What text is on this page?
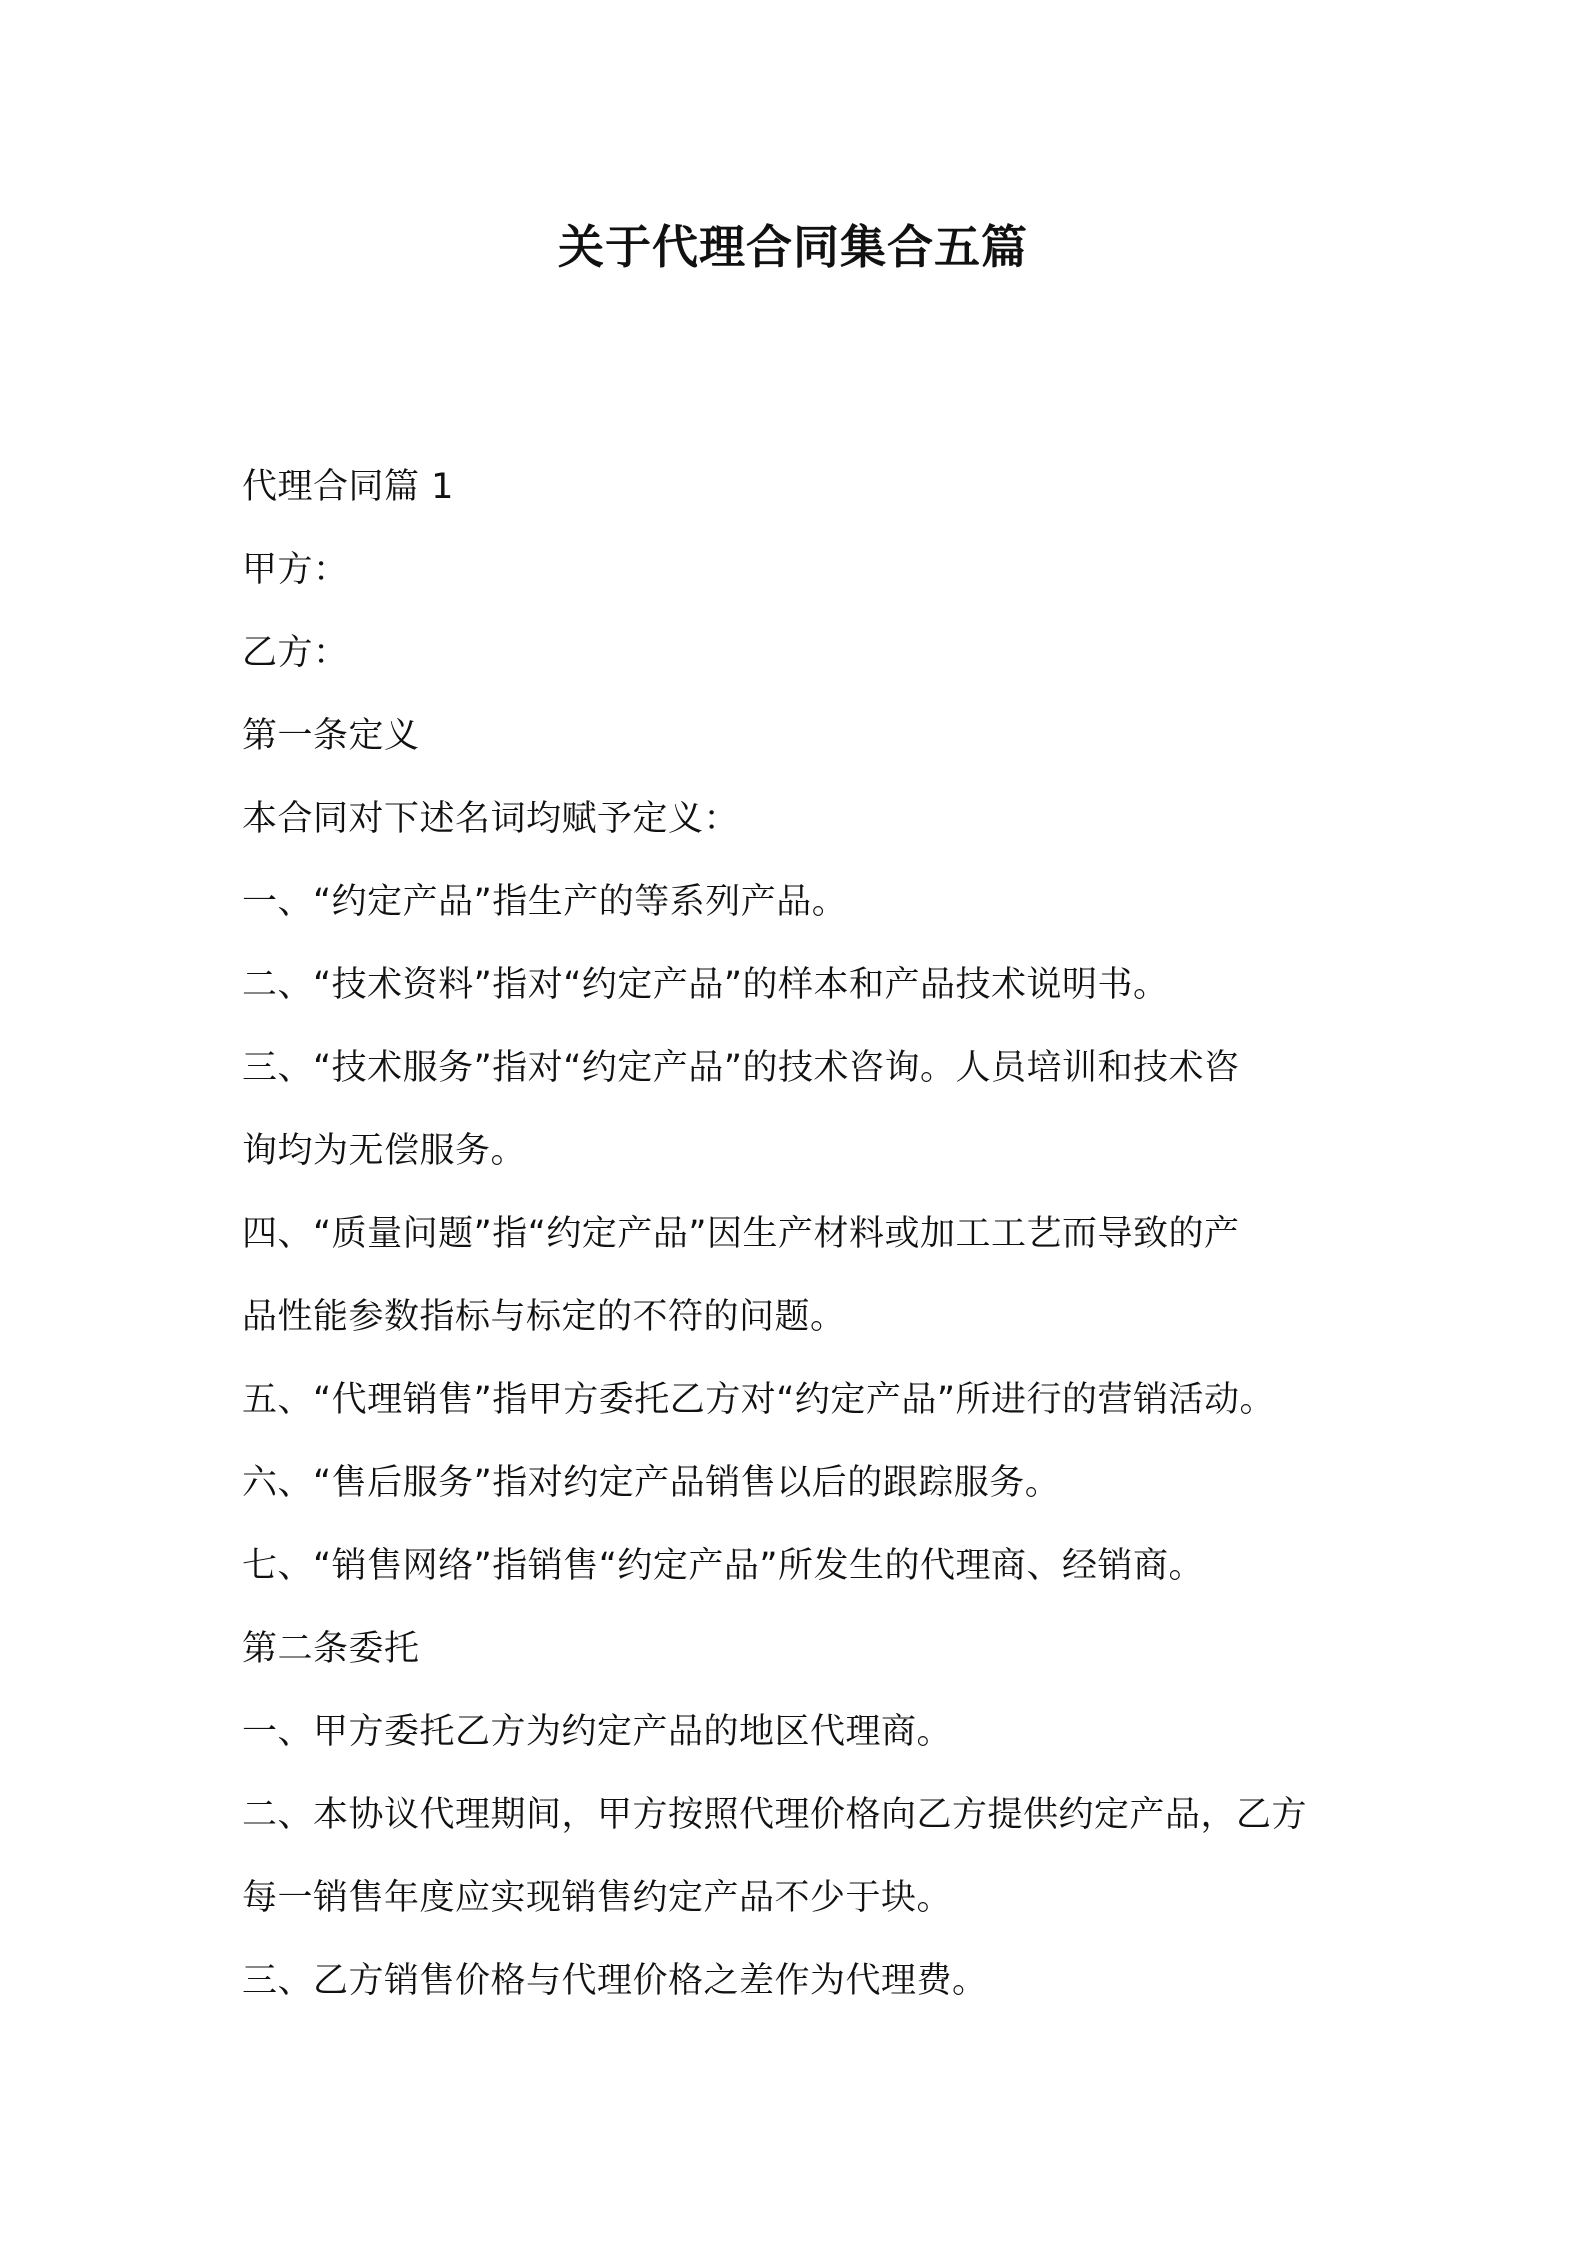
关于代理合同集合五篇
代理合同篇 1
甲方：
乙方：
第一条定义
本合同对下述名词均赋予定义：
一、“约定产品”指生产的等系列产品。
二、“技术资料”指对“约定产品”的样本和产品技术说明书。
三、“技术服务”指对“约定产品”的技术咨询。人员培训和技术咨
询均为无偿服务。
四、“质量问题”指“约定产品”因生产材料或加工工艺而导致的产
品性能参数指标与标定的不符的问题。
五、“代理销售”指甲方委托乙方对“约定产品”所进行的营销活动。
六、“售后服务”指对约定产品销售以后的跟踪服务。
七、“销售网络”指销售“约定产品”所发生的代理商、经销商。
第二条委托
一、甲方委托乙方为约定产品的地区代理商。
二、本协议代理期间，甲方按照代理价格向乙方提供约定产品，乙方
每一销售年度应实现销售约定产品不少于块。
三、乙方销售价格与代理价格之差作为代理费。
